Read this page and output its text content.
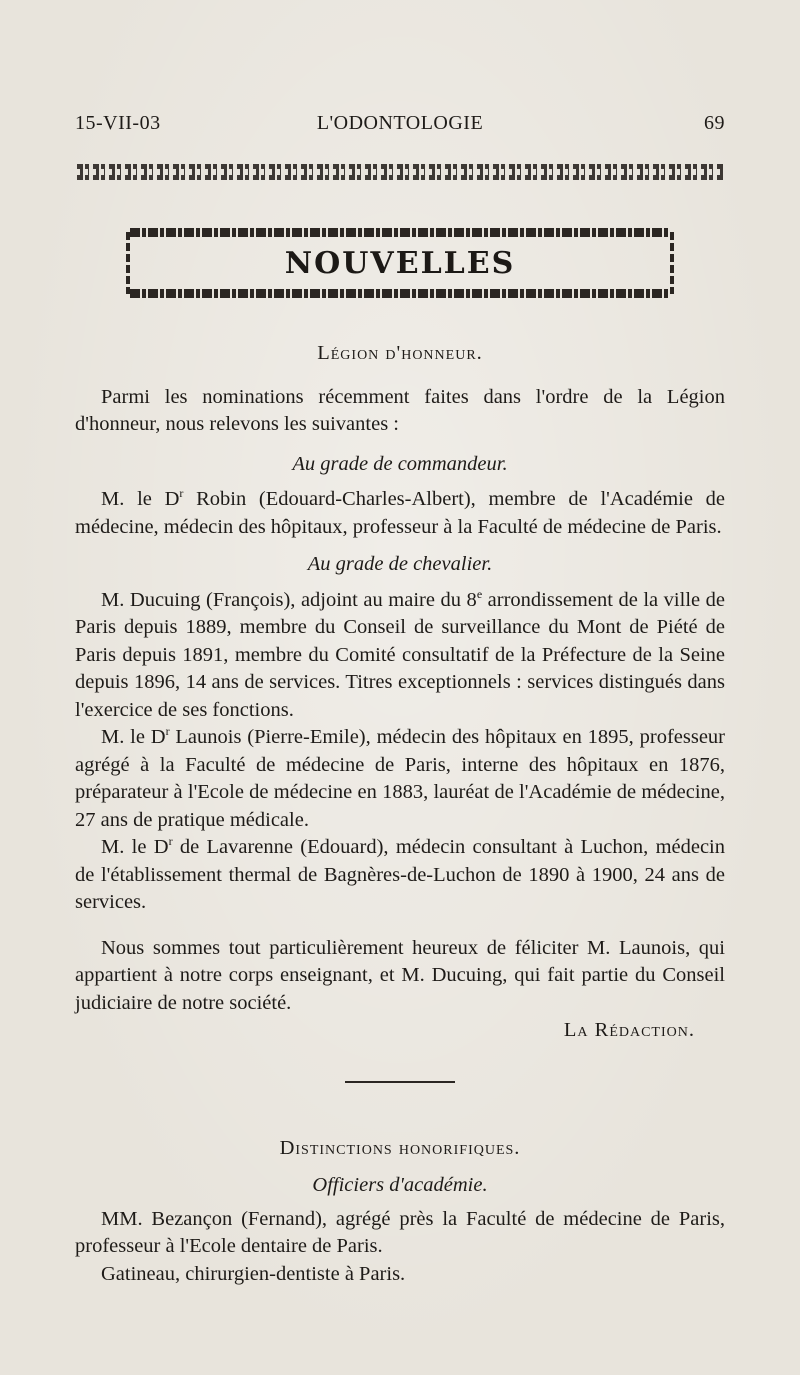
15-VII-03	L'ODONTOLOGIE	69
NOUVELLES

Légion d'honneur.

Parmi les nominations récemment faites dans l'ordre de la Légion d'honneur, nous relevons les suivantes :

Au grade de commandeur.

M. le $D^r$ Robin (Edouard-Charles-Albert), membre de l'Académie de médecine, médecin des hôpitaux, professeur à la Faculté de médecine de Paris.

Au grade de chevalier.

M. Ducuing (François), adjoint au maire du 8e arrondissement de la ville de Paris depuis 1889, membre du Conseil de surveillance du Mont de Piété de Paris depuis 1891, membre du Comité consultatif de la Préfecture de la Seine depuis 1896, 14 ans de services. Titres exceptionnels : services distingués dans l'exercice de ses fonctions.

M. le $D^r$ Launois (Pierre-Emile), médecin des hôpitaux en 1895, professeur agrégé à la Faculté de médecine de Paris, interne des hôpitaux en 1876, préparateur à l'Ecole de médecine en 1883, lauréat de l'Académie de médecine, 27 ans de pratique médicale.

M. le $D^r$ de Lavarenne (Edouard), médecin consultant à Luchon, médecin de l'établissement thermal de Bagnères-de-Luchon de 1890 à 1900, 24 ans de services.

Nous sommes tout particulièrement heureux de féliciter M. Launois, qui appartient à notre corps enseignant, et M. Ducuing, qui fait partie du Conseil judiciaire de notre société.

La Rédaction.

Distinctions honorifiques.

Officiers d'académie.

MM. Bezançon (Fernand), agrégé près la Faculté de médecine de Paris, professeur à l'Ecole dentaire de Paris.

Gatineau, chirurgien-dentiste à Paris.
